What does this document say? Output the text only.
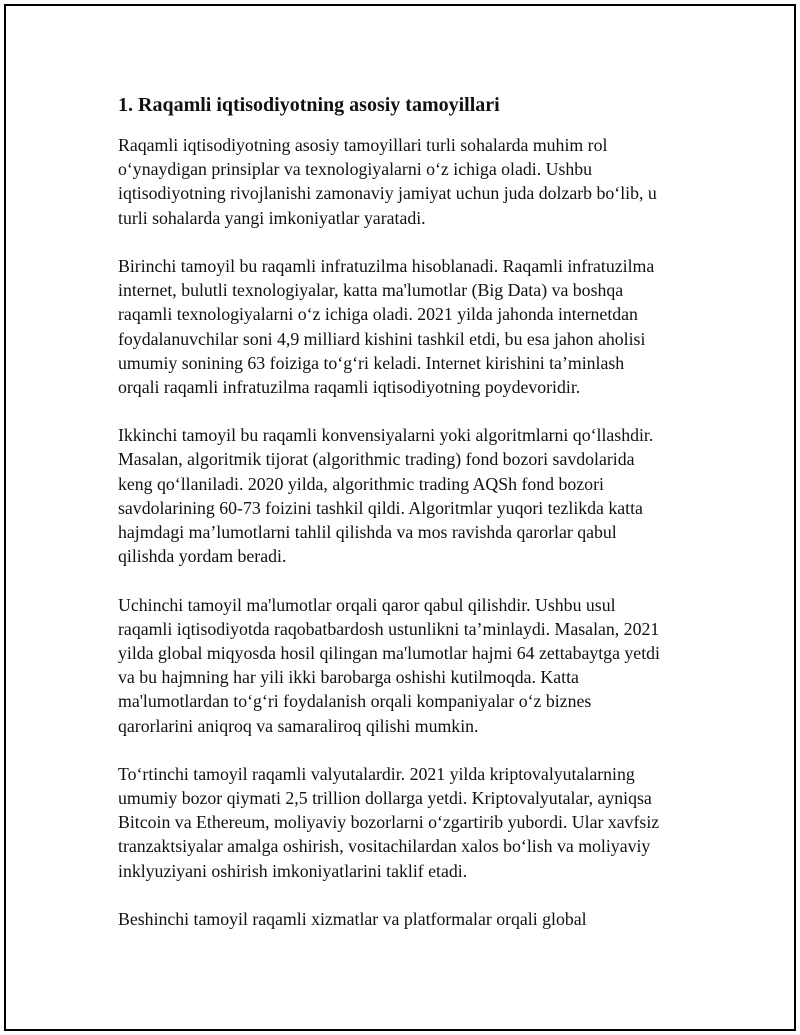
1. Raqamli iqtisodiyotning asosiy tamoyillari
Raqamli iqtisodiyotning asosiy tamoyillari turli sohalarda muhim rol
o‘ynaydigan prinsiplar va texnologiyalarni o‘z ichiga oladi. Ushbu
iqtisodiyotning rivojlanishi zamonaviy jamiyat uchun juda dolzarb bo‘lib, u
turli sohalarda yangi imkoniyatlar yaratadi.
Birinchi tamoyil bu raqamli infratuzilma hisoblanadi. Raqamli infratuzilma
internet, bulutli texnologiyalar, katta ma'lumotlar (Big Data) va boshqa
raqamli texnologiyalarni o‘z ichiga oladi. 2021 yilda jahonda internetdan
foydalanuvchilar soni 4,9 milliard kishini tashkil etdi, bu esa jahon aholisi
umumiy sonining 63 foiziga to‘g‘ri keladi. Internet kirishini ta’minlash
orqali raqamli infratuzilma raqamli iqtisodiyotning poydevoridir.
Ikkinchi tamoyil bu raqamli konvensiyalarni yoki algoritmlarni qo‘llashdir.
Masalan, algoritmik tijorat (algorithmic trading) fond bozori savdolarida
keng qo‘llaniladi. 2020 yilda, algorithmic trading AQSh fond bozori
savdolarining 60-73 foizini tashkil qildi. Algoritmlar yuqori tezlikda katta
hajmdagi ma’lumotlarni tahlil qilishda va mos ravishda qarorlar qabul
qilishda yordam beradi.
Uchinchi tamoyil ma'lumotlar orqali qaror qabul qilishdir. Ushbu usul
raqamli iqtisodiyotda raqobatbardosh ustunlikni ta’minlaydi. Masalan, 2021
yilda global miqyosda hosil qilingan ma'lumotlar hajmi 64 zettabaytga yetdi
va bu hajmning har yili ikki barobarga oshishi kutilmoqda. Katta
ma'lumotlardan to‘g‘ri foydalanish orqali kompaniyalar o‘z biznes
qarorlarini aniqroq va samaraliroq qilishi mumkin.
To‘rtinchi tamoyil raqamli valyutalardir. 2021 yilda kriptovalyutalarning
umumiy bozor qiymati 2,5 trillion dollarga yetdi. Kriptovalyutalar, ayniqsa
Bitcoin va Ethereum, moliyaviy bozorlarni o‘zgartirib yubordi. Ular xavfsiz
tranzaktsiyalar amalga oshirish, vositachilardan xalos bo‘lish va moliyaviy
inklyuziyani oshirish imkoniyatlarini taklif etadi.
Beshinchi tamoyil raqamli xizmatlar va platformalar orqali global
